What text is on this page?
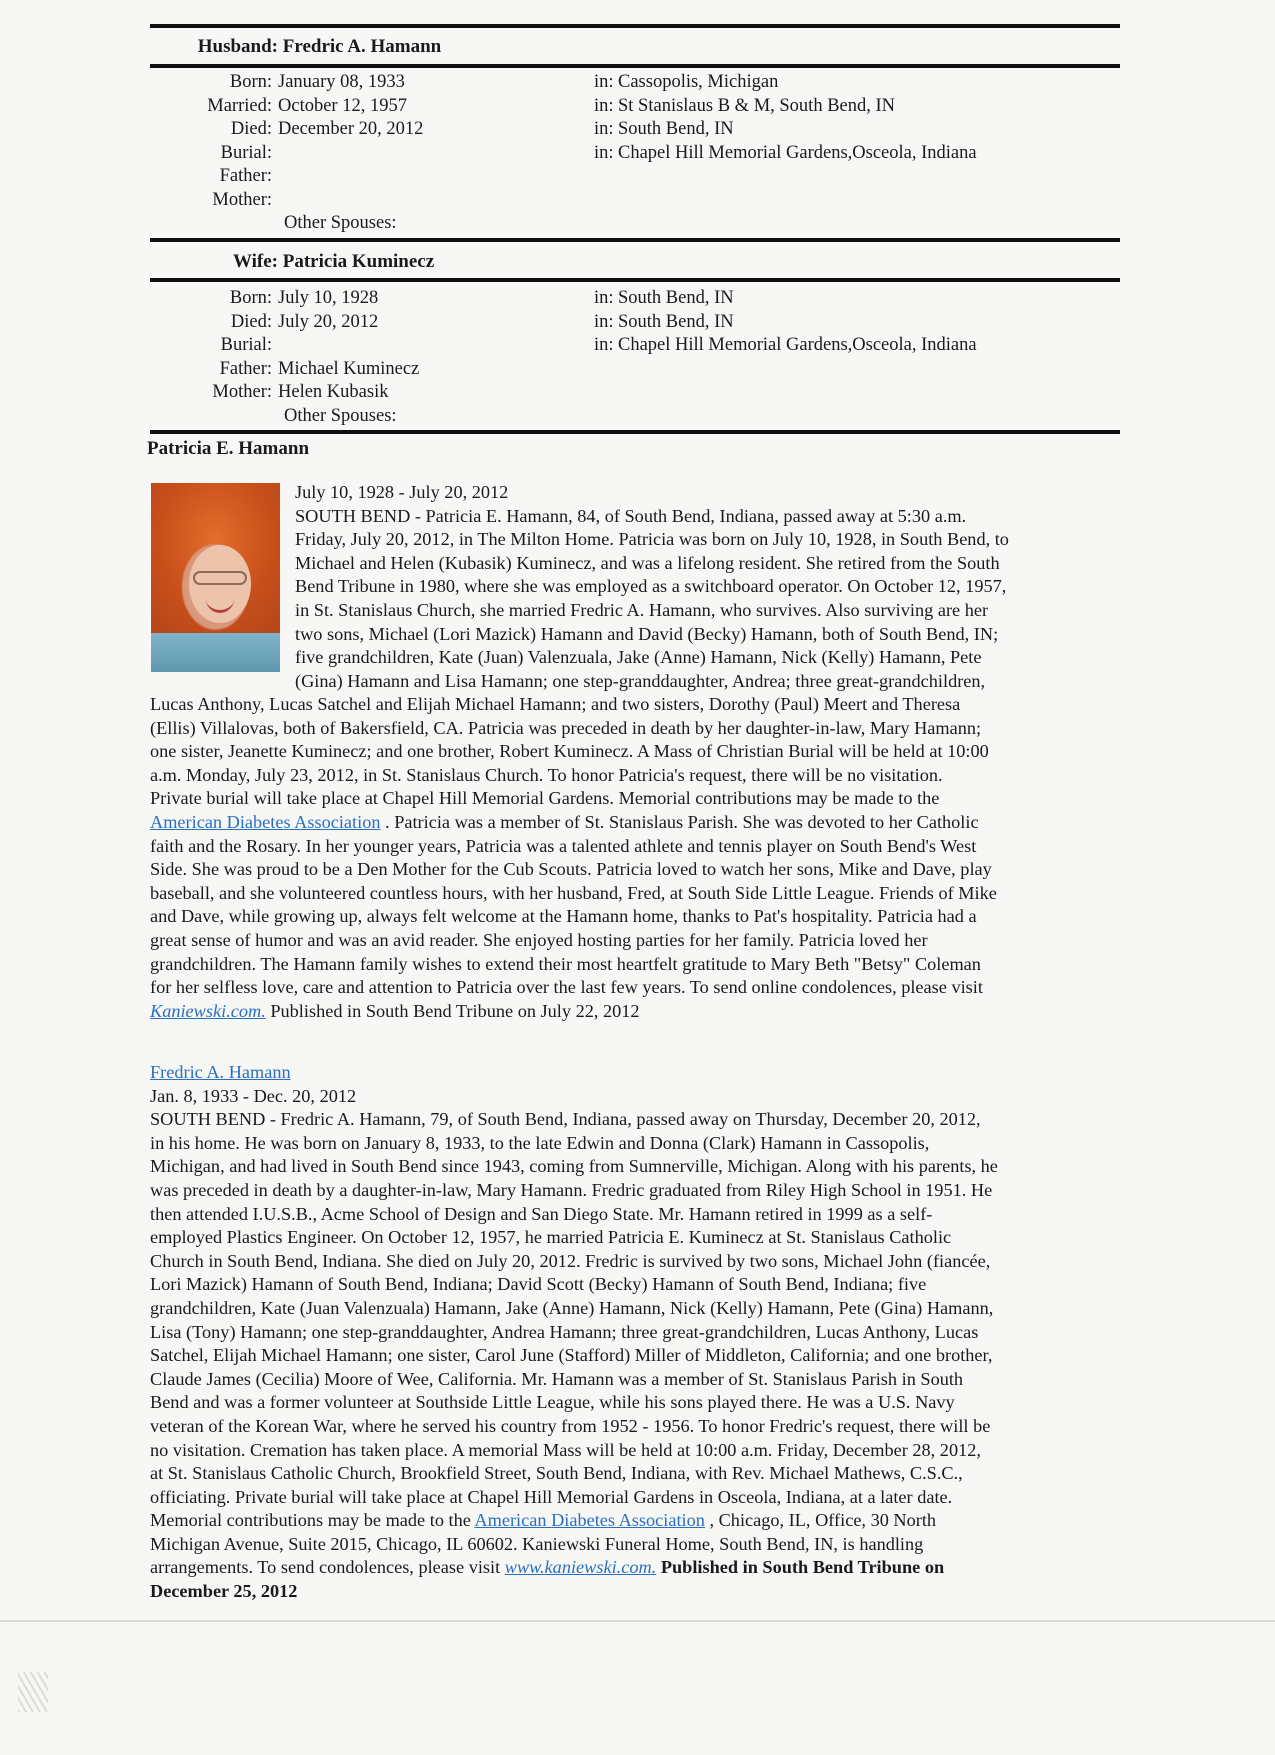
Husband: Fredric A. Hamann
Born: January 08, 1933	in: Cassopolis, Michigan
Married: October 12, 1957	in: St Stanislaus B & M, South Bend, IN
Died: December 20, 2012	in: South Bend, IN
Burial:	in: Chapel Hill Memorial Gardens,Osceola, Indiana
Father:
Mother:
Other Spouses:
Wife: Patricia Kuminecz
Born: July 10, 1928	in: South Bend, IN
Died: July 20, 2012	in: South Bend, IN
Burial:	in: Chapel Hill Memorial Gardens,Osceola, Indiana
Father: Michael Kuminecz
Mother: Helen Kubasik
Other Spouses:
Patricia E. Hamann
July 10, 1928 - July 20, 2012
SOUTH BEND - Patricia E. Hamann, 84, of South Bend, Indiana, passed away at 5:30 a.m.
Friday, July 20, 2012, in The Milton Home. Patricia was born on July 10, 1928, in South Bend, to
Michael and Helen (Kubasik) Kuminecz, and was a lifelong resident. She retired from the South
Bend Tribune in 1980, where she was employed as a switchboard operator. On October 12, 1957,
in St. Stanislaus Church, she married Fredric A. Hamann, who survives. Also surviving are her
two sons, Michael (Lori Mazick) Hamann and David (Becky) Hamann, both of South Bend, IN;
five grandchildren, Kate (Juan) Valenzuala, Jake (Anne) Hamann, Nick (Kelly) Hamann, Pete
(Gina) Hamann and Lisa Hamann; one step-granddaughter, Andrea; three great-grandchildren,
Lucas Anthony, Lucas Satchel and Elijah Michael Hamann; and two sisters, Dorothy (Paul) Meert and Theresa
(Ellis) Villalovas, both of Bakersfield, CA. Patricia was preceded in death by her daughter-in-law, Mary Hamann;
one sister, Jeanette Kuminecz; and one brother, Robert Kuminecz. A Mass of Christian Burial will be held at 10:00
a.m. Monday, July 23, 2012, in St. Stanislaus Church. To honor Patricia's request, there will be no visitation.
Private burial will take place at Chapel Hill Memorial Gardens. Memorial contributions may be made to the
American Diabetes Association . Patricia was a member of St. Stanislaus Parish. She was devoted to her Catholic
faith and the Rosary. In her younger years, Patricia was a talented athlete and tennis player on South Bend's West
Side. She was proud to be a Den Mother for the Cub Scouts. Patricia loved to watch her sons, Mike and Dave, play
baseball, and she volunteered countless hours, with her husband, Fred, at South Side Little League. Friends of Mike
and Dave, while growing up, always felt welcome at the Hamann home, thanks to Pat's hospitality. Patricia had a
great sense of humor and was an avid reader. She enjoyed hosting parties for her family. Patricia loved her
grandchildren. The Hamann family wishes to extend their most heartfelt gratitude to Mary Beth "Betsy" Coleman
for her selfless love, care and attention to Patricia over the last few years. To send online condolences, please visit
Kaniewski.com. Published in South Bend Tribune on July 22, 2012
Fredric A. Hamann
Jan. 8, 1933 - Dec. 20, 2012
SOUTH BEND - Fredric A. Hamann, 79, of South Bend, Indiana, passed away on Thursday, December 20, 2012,
in his home. He was born on January 8, 1933, to the late Edwin and Donna (Clark) Hamann in Cassopolis,
Michigan, and had lived in South Bend since 1943, coming from Sumnerville, Michigan. Along with his parents, he
was preceded in death by a daughter-in-law, Mary Hamann. Fredric graduated from Riley High School in 1951. He
then attended I.U.S.B., Acme School of Design and San Diego State. Mr. Hamann retired in 1999 as a self-
employed Plastics Engineer. On October 12, 1957, he married Patricia E. Kuminecz at St. Stanislaus Catholic
Church in South Bend, Indiana. She died on July 20, 2012. Fredric is survived by two sons, Michael John (fiancée,
Lori Mazick) Hamann of South Bend, Indiana; David Scott (Becky) Hamann of South Bend, Indiana; five
grandchildren, Kate (Juan Valenzuala) Hamann, Jake (Anne) Hamann, Nick (Kelly) Hamann, Pete (Gina) Hamann,
Lisa (Tony) Hamann; one step-granddaughter, Andrea Hamann; three great-grandchildren, Lucas Anthony, Lucas
Satchel, Elijah Michael Hamann; one sister, Carol June (Stafford) Miller of Middleton, California; and one brother,
Claude James (Cecilia) Moore of Wee, California. Mr. Hamann was a member of St. Stanislaus Parish in South
Bend and was a former volunteer at Southside Little League, while his sons played there. He was a U.S. Navy
veteran of the Korean War, where he served his country from 1952 - 1956. To honor Fredric's request, there will be
no visitation. Cremation has taken place. A memorial Mass will be held at 10:00 a.m. Friday, December 28, 2012,
at St. Stanislaus Catholic Church, Brookfield Street, South Bend, Indiana, with Rev. Michael Mathews, C.S.C.,
officiating. Private burial will take place at Chapel Hill Memorial Gardens in Osceola, Indiana, at a later date.
Memorial contributions may be made to the American Diabetes Association , Chicago, IL, Office, 30 North
Michigan Avenue, Suite 2015, Chicago, IL 60602. Kaniewski Funeral Home, South Bend, IN, is handling
arrangements. To send condolences, please visit www.kaniewski.com. Published in South Bend Tribune on
December 25, 2012
